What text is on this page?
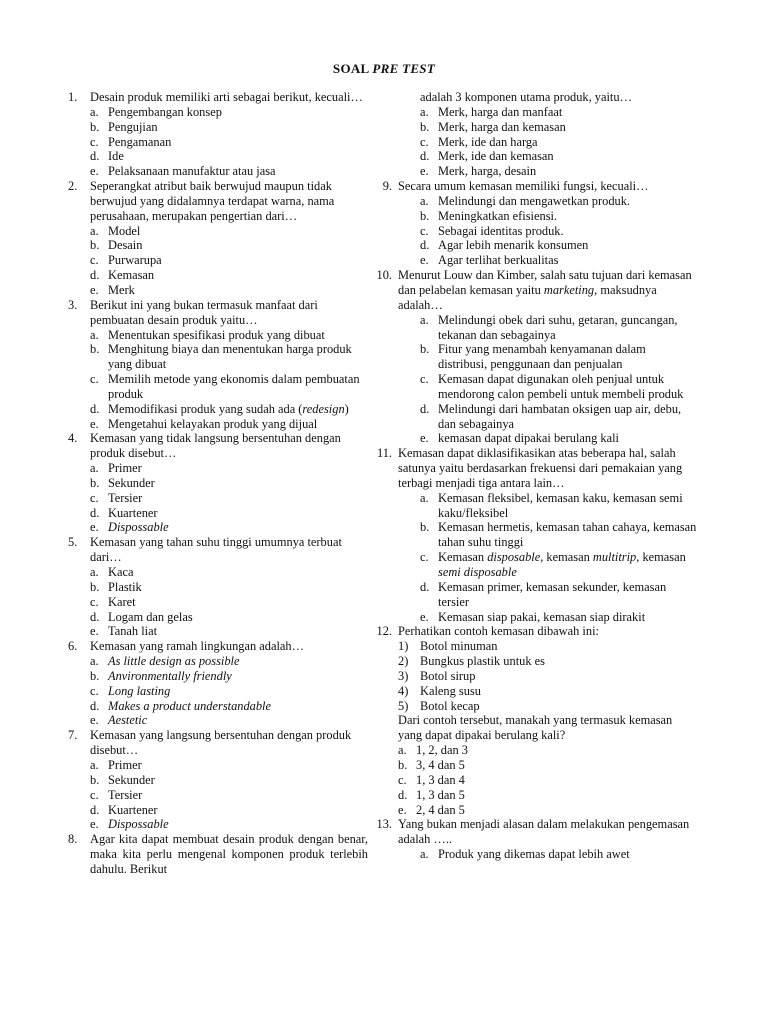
SOAL PRE TEST
1.	Desain produk memiliki arti sebagai berikut, kecuali…
a. Pengembangan konsep
b. Pengujian
c. Pengamanan
d. Ide
e. Pelaksanaan manufaktur atau jasa
2.	Seperangkat atribut baik berwujud maupun tidak berwujud yang didalamnya terdapat warna, nama perusahaan, merupakan pengertian dari…
a. Model
b. Desain
c. Purwarupa
d. Kemasan
e. Merk
3.	Berikut ini yang bukan termasuk manfaat dari pembuatan desain produk yaitu…
a. Menentukan spesifikasi produk yang dibuat
b. Menghitung biaya dan menentukan harga produk yang dibuat
c. Memilih metode yang ekonomis dalam pembuatan produk
d. Memodifikasi produk yang sudah ada (redesign)
e. Mengetahui kelayakan produk yang dijual
4.	Kemasan yang tidak langsung bersentuhan dengan produk disebut…
a. Primer
b. Sekunder
c. Tersier
d. Kuartener
e. Dispossable
5.	Kemasan yang tahan suhu tinggi umumnya terbuat dari…
a. Kaca
b. Plastik
c. Karet
d. Logam dan gelas
e. Tanah liat
6.	Kemasan yang ramah lingkungan adalah…
a. As little design as possible
b. Anvironmentally friendly
c. Long lasting
d. Makes a product understandable
e. Aestetic
7.	Kemasan yang langsung bersentuhan dengan produk disebut…
a. Primer
b. Sekunder
c. Tersier
d. Kuartener
e. Dispossable
8.	Agar kita dapat membuat desain produk dengan benar, maka kita perlu mengenal komponen produk terlebih dahulu. Berikut
adalah 3 komponen utama produk, yaitu…
a. Merk, harga dan manfaat
b. Merk, harga dan kemasan
c. Merk, ide dan harga
d. Merk, ide dan kemasan
e. Merk, harga, desain
9. Secara umum kemasan memiliki fungsi, kecuali…
a. Melindungi dan mengawetkan produk.
b. Meningkatkan efisiensi.
c. Sebagai identitas produk.
d. Agar lebih menarik konsumen
e. Agar terlihat berkualitas
10. Menurut Louw dan Kimber, salah satu tujuan dari kemasan dan pelabelan kemasan yaitu marketing, maksudnya adalah…
a. Melindungi obek dari suhu, getaran, guncangan, tekanan dan sebagainya
b. Fitur yang menambah kenyamanan dalam distribusi, penggunaan dan penjualan
c. Kemasan dapat digunakan oleh penjual untuk mendorong calon pembeli untuk membeli produk
d. Melindungi dari hambatan oksigen uap air, debu, dan sebagainya
e. kemasan dapat dipakai berulang kali
11. Kemasan dapat diklasifikasikan atas beberapa hal, salah satunya yaitu berdasarkan frekuensi dari pemakaian yang terbagi menjadi tiga antara lain…
a. Kemasan fleksibel, kemasan kaku, kemasan semi kaku/fleksibel
b. Kemasan hermetis, kemasan tahan cahaya, kemasan tahan suhu tinggi
c. Kemasan disposable, kemasan multitrip, kemasan semi disposable
d. Kemasan primer, kemasan sekunder, kemasan tersier
e. Kemasan siap pakai, kemasan siap dirakit
12. Perhatikan contoh kemasan dibawah ini:
1) Botol minuman
2) Bungkus plastik untuk es
3) Botol sirup
4) Kaleng susu
5) Botol kecap
Dari contoh tersebut, manakah yang termasuk kemasan yang dapat dipakai berulang kali?
a. 1, 2, dan 3
b. 3, 4 dan 5
c. 1, 3 dan 4
d. 1, 3 dan 5
e. 2, 4 dan 5
13. Yang bukan menjadi alasan dalam melakukan pengemasan adalah …..
a. Produk yang dikemas dapat lebih awet
